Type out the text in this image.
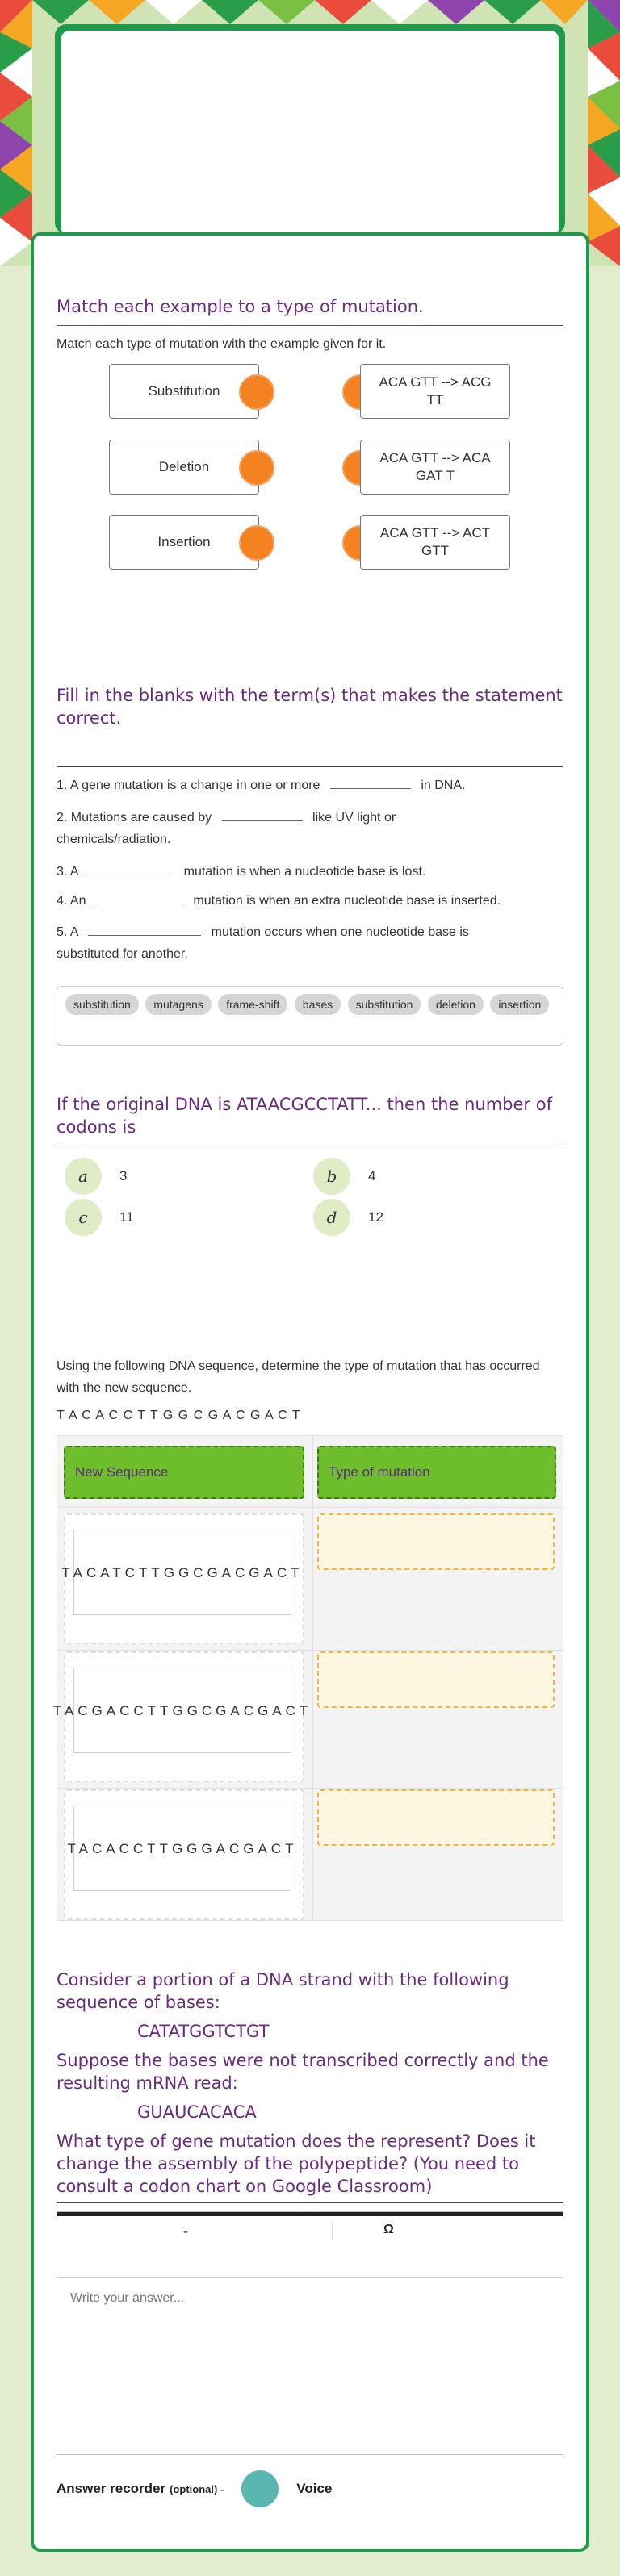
Match each example to a type of mutation.
Match each type of mutation with the example given for it.
Substitution
ACA GTT --> ACG TT
Deletion
ACA GTT --> ACA GAT T
Insertion
ACA GTT --> ACT GTT
Fill in the blanks with the term(s) that makes the statement correct.
1. A gene mutation is a change in one or more	in DNA.
2. Mutations are caused by	like UV light or
chemicals/radiation.
3. A	mutation is when a nucleotide base is lost.
4. An	mutation is when an extra nucleotide base is inserted.
5. A	mutation occurs when one nucleotide base is
substituted for another.
substitution mutagens frame-shift bases substitution deletion insertion
If the original DNA is ATAACGCCTATT... then the number of codons is
a	3	b	4
c	11	d	12
Using the following DNA sequence, determine the type of mutation that has occurred with the new sequence.
T A C A C C T T G G C G A C G A C T
New Sequence	Type of mutation
TACATCTTGGCGACGACT
TACGACCTTGGCGACGACT
TACACCTTGGGACGACT
Consider a portion of a DNA strand with the following sequence of bases:
CATATGGTCTGT
Suppose the bases were not transcribed correctly and the resulting mRNA read:
GUAUCACACA
What type of gene mutation does the represent? Does it change the assembly of the polypeptide? (You need to consult a codon chart on Google Classroom)
-	Ω
Write your answer...
Answer recorder (optional) -	Voice
